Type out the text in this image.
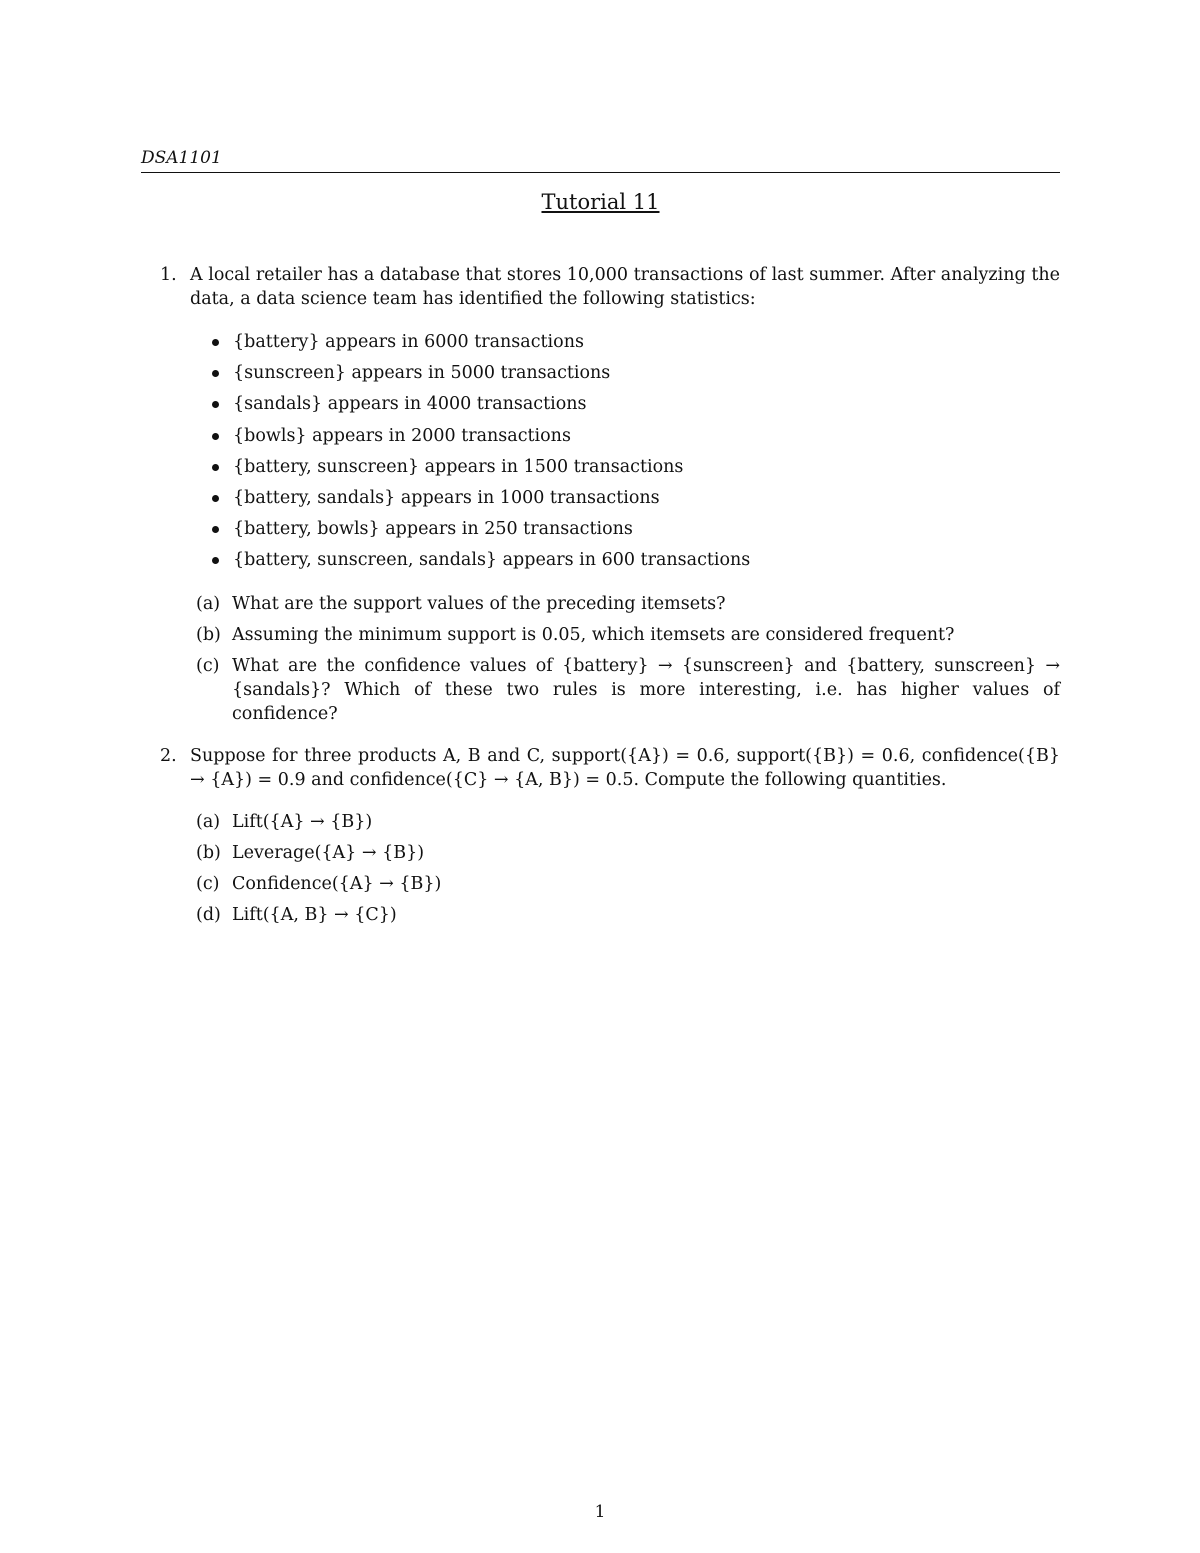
DSA1101
Tutorial 11
1. A local retailer has a database that stores 10,000 transactions of last summer. After analyzing the data, a data science team has identified the following statistics:
{battery} appears in 6000 transactions
{sunscreen} appears in 5000 transactions
{sandals} appears in 4000 transactions
{bowls} appears in 2000 transactions
{battery, sunscreen} appears in 1500 transactions
{battery, sandals} appears in 1000 transactions
{battery, bowls} appears in 250 transactions
{battery, sunscreen, sandals} appears in 600 transactions
(a) What are the support values of the preceding itemsets?
(b) Assuming the minimum support is 0.05, which itemsets are considered frequent?
(c) What are the confidence values of {battery} → {sunscreen} and {battery, sunscreen} → {sandals}? Which of these two rules is more interesting, i.e. has higher values of confidence?
2. Suppose for three products A, B and C, support({A}) = 0.6, support({B}) = 0.6, confidence({B} → {A}) = 0.9 and confidence({C} → {A, B}) = 0.5. Compute the following quantities.
(a) Lift({A} → {B})
(b) Leverage({A} → {B})
(c) Confidence({A} → {B})
(d) Lift({A, B} → {C})
1
